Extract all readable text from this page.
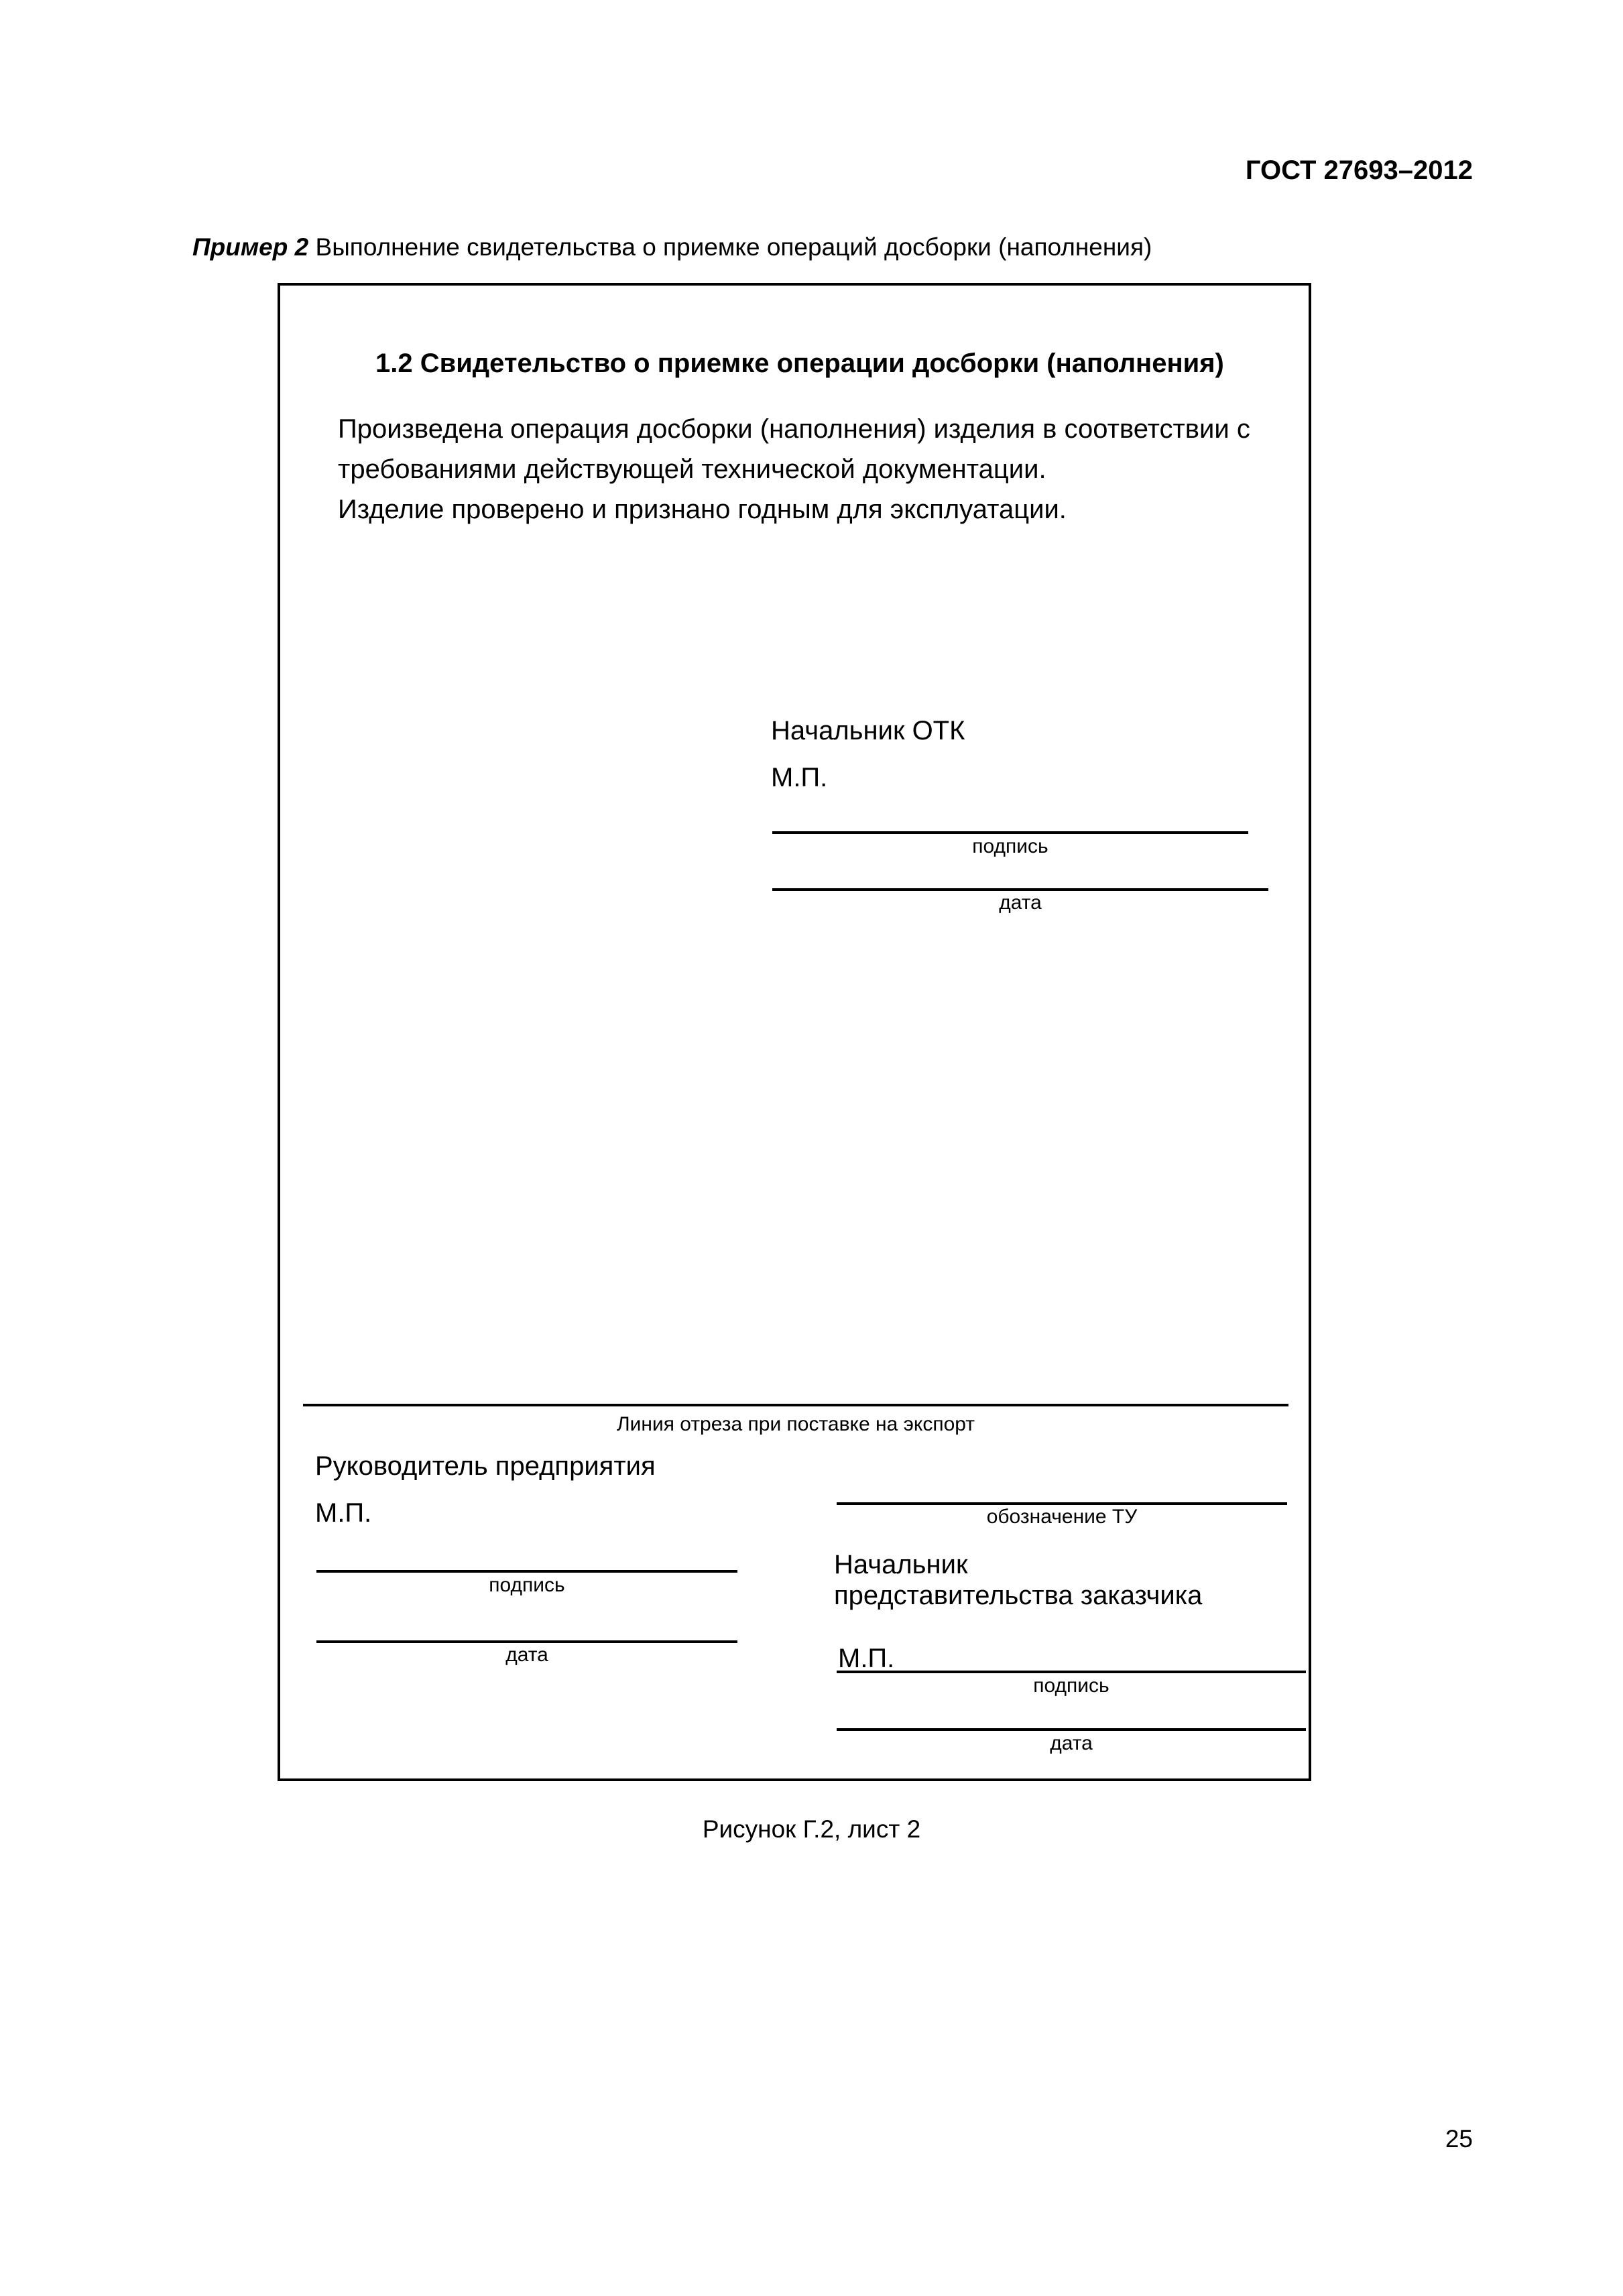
ГОСТ 27693–2012
Пример 2 Выполнение свидетельства о приемке операций досборки (наполнения)
1.2 Свидетельство о приемке операции досборки (наполнения)
Произведена операция досборки (наполнения) изделия в соответствии с
требованиями действующей технической документации.
Изделие проверено и признано годным для эксплуатации.
Начальник ОТК
М.П.
подпись
дата
Линия отреза при поставке на экспорт
Руководитель предприятия
М.П.
подпись
дата
обозначение ТУ
Начальник
представительства заказчика
М.П.
подпись
дата
Рисунок Г.2, лист 2
25
